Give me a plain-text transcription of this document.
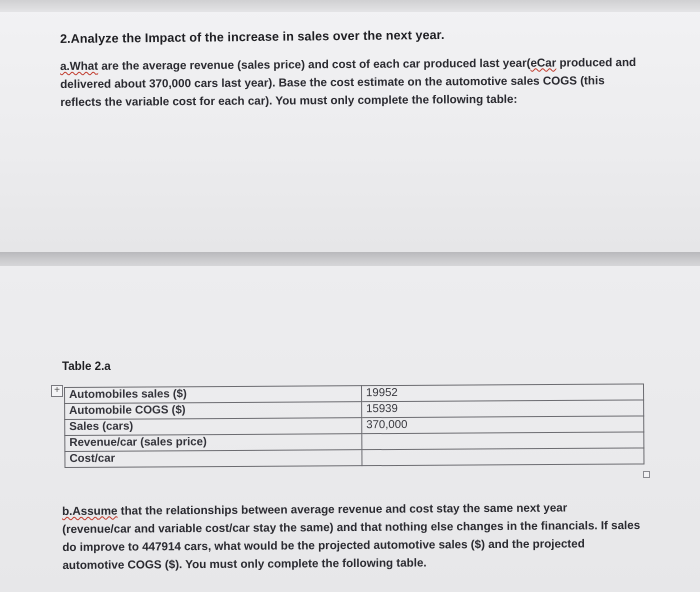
2.Analyze the Impact of the increase in sales over the next year.
a.What are the average revenue (sales price) and cost of each car produced last year(eCar produced and
delivered about 370,000 cars last year). Base the cost estimate on the automotive sales COGS (this
reflects the variable cost for each car). You must only complete the following table:
Table 2.a
+ Automobiles sales ($)	19952
Automobile COGS ($)	15939
Sales (cars)	370,000
Revenue/car (sales price)	
Cost/car	
b.Assume that the relationships between average revenue and cost stay the same next year
(revenue/car and variable cost/car stay the same) and that nothing else changes in the financials. If sales
do improve to 447914 cars, what would be the projected automotive sales ($) and the projected
automotive COGS ($). You must only complete the following table.
